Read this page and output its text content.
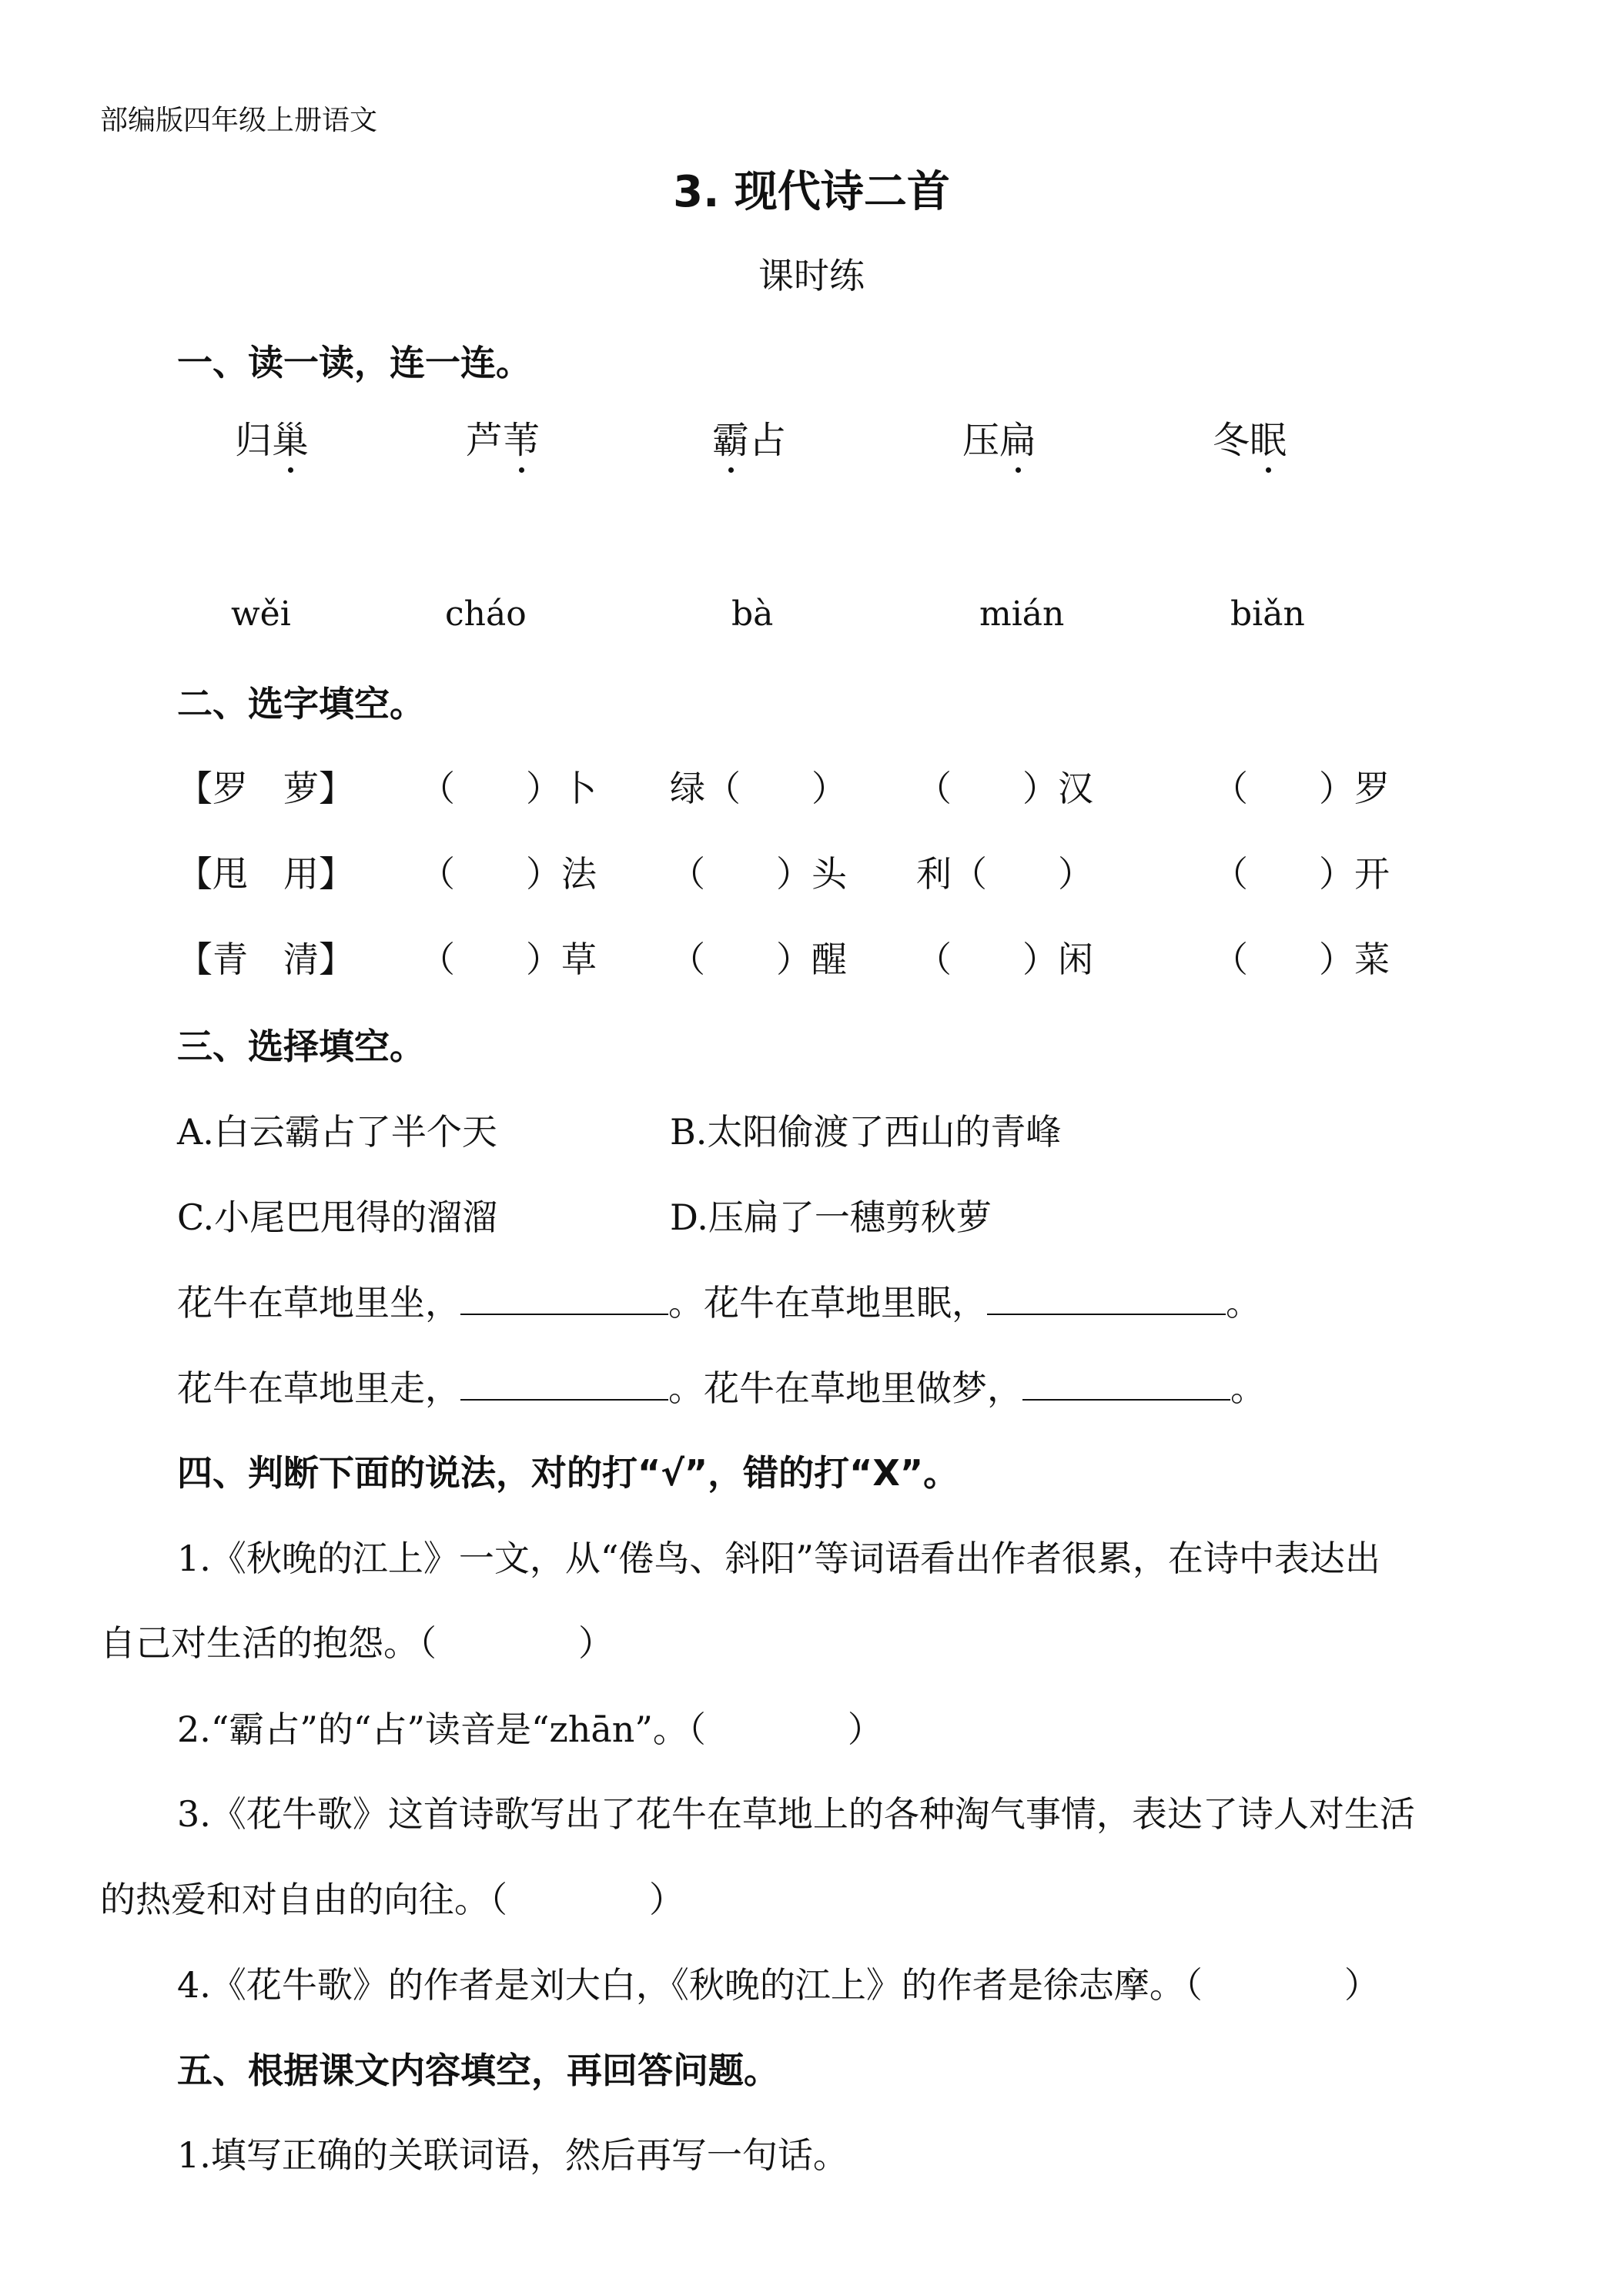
部编版四年级上册语文
3. 现代诗二首
课时练
一、读一读，连一连。
归巢	芦苇	霸占	压扁	冬眠
wěi	cháo	bà	mián	biǎn
二、选字填空。
【罗　萝】 （　　）卜 绿（　　） （　　）汉	（　　）罗
【甩　用】 （　　）法 （　　）头 利（　　）	（　　）开
【青　清】 （　　）草 （　　）醒 （　　）闲	（　　）菜
三、选择填空。
A.白云霸占了半个天	B.太阳偷渡了西山的青峰
C.小尾巴甩得的溜溜	D.压扁了一穗剪秋萝
花牛在草地里坐，	。花牛在草地里眠，	。
花牛在草地里走，	。花牛在草地里做梦，	。
四、判断下面的说法，对的打“√”，错的打“X”。
1.《秋晚的江上》一文，从“倦鸟、斜阳”等词语看出作者很累，在诗中表达出
自己对生活的抱怨。（　　　　）
2.“霸占”的“占”读音是“zhān”。（　　　　）
3.《花牛歌》这首诗歌写出了花牛在草地上的各种淘气事情，表达了诗人对生活
的热爱和对自由的向往。（　　　　）
4.《花牛歌》的作者是刘大白，《秋晚的江上》的作者是徐志摩。（　　　　）
五、根据课文内容填空，再回答问题。
1.填写正确的关联词语，然后再写一句话。
